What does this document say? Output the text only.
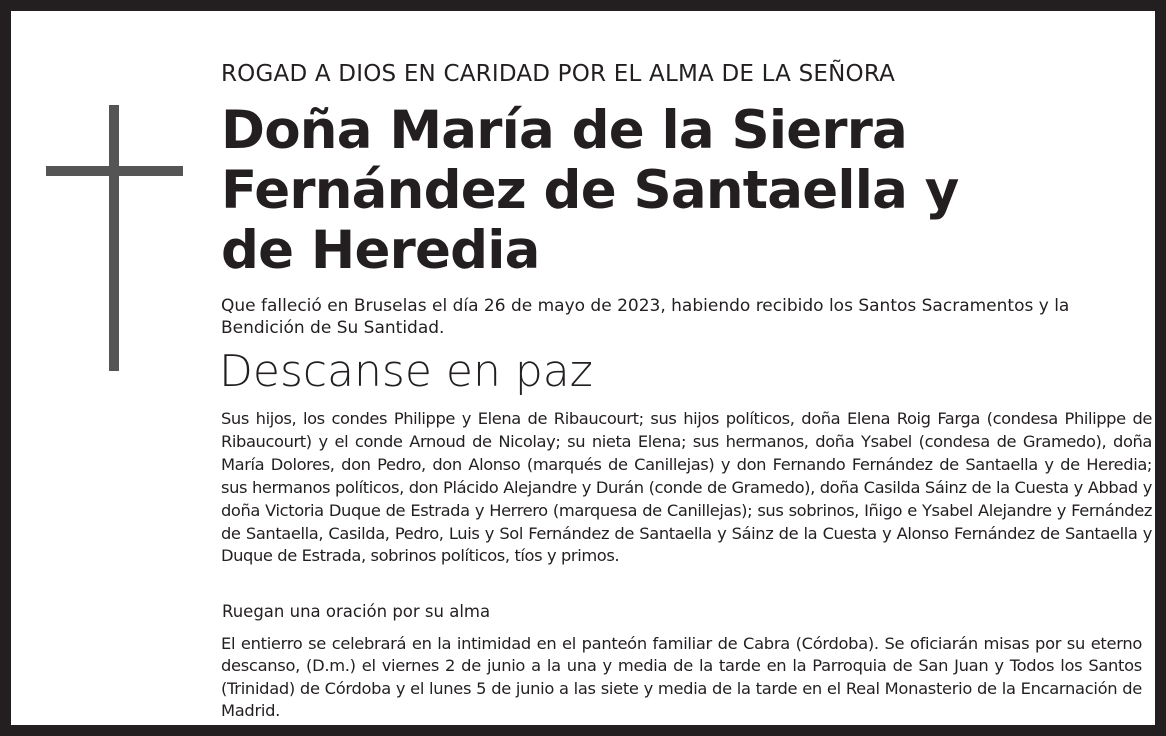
ROGAD A DIOS EN CARIDAD POR EL ALMA DE LA SEÑORA
Doña María de la Sierra
Fernández de Santaella y
de Heredia
Que falleció en Bruselas el día 26 de mayo de 2023, habiendo recibido los Santos Sacramentos y la Bendición de Su Santidad.
Descanse en paz
Sus hijos, los condes Philippe y Elena de Ribaucourt; sus hijos políticos, doña Elena Roig Farga (condesa Philippe de Ribaucourt) y el conde Arnoud de Nicolay; su nieta Elena; sus hermanos, doña Ysabel (condesa de Gramedo), doña María Dolores, don Pedro, don Alonso (marqués de Canillejas) y don Fernando Fernández de Santaella y de Heredia; sus hermanos políticos, don Plácido Alejandre y Durán (conde de Gramedo), doña Casilda Sáinz de la Cuesta y Abbad y doña Victoria Duque de Estrada y Herrero (marquesa de Canillejas); sus sobrinos, Iñigo e Ysabel Alejandre y Fernández de Santaella, Casilda, Pedro, Luis y Sol Fernández de Santaella y Sáinz de la Cuesta y Alonso Fernández de Santaella y Duque de Estrada, sobrinos políticos, tíos y primos.
Ruegan una oración por su alma
El entierro se celebrará en la intimidad en el panteón familiar de Cabra (Córdoba). Se oficiarán misas por su eterno descanso, (D.m.) el viernes 2 de junio a la una y media de la tarde en la Parroquia de San Juan y Todos los Santos (Trinidad) de Córdoba y el lunes 5 de junio a las siete y media de la tarde en el Real Monasterio de la Encarnación de Madrid.
